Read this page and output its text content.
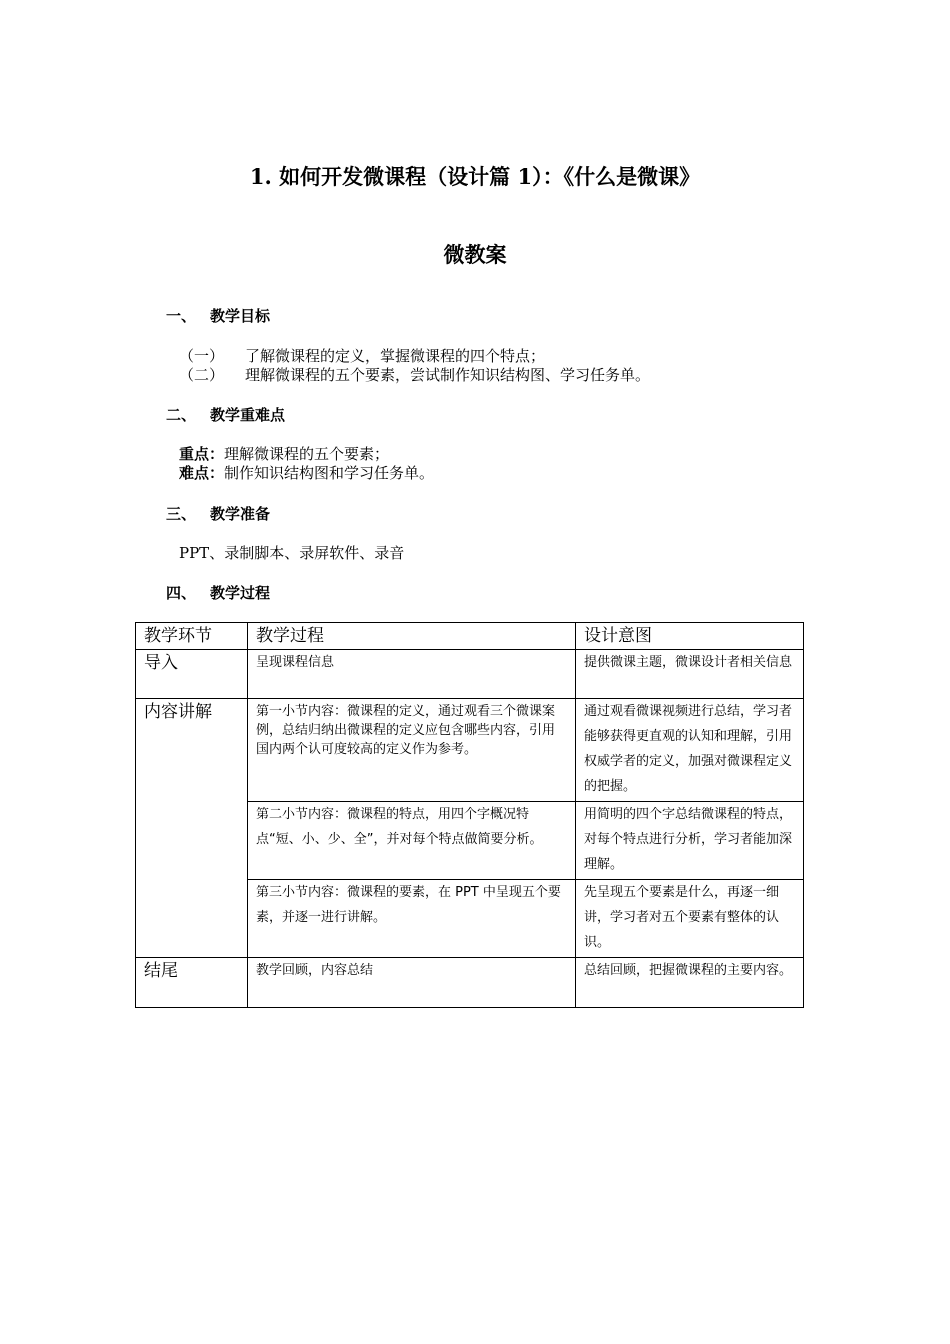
1. 如何开发微课程（设计篇 1）：《什么是微课》
微教案
一、 教学目标
（一） 了解微课程的定义，掌握微课程的四个特点；
（二） 理解微课程的五个要素，尝试制作知识结构图、学习任务单。
二、 教学重难点
重点：理解微课程的五个要素；
难点：制作知识结构图和学习任务单。
三、 教学准备
PPT、录制脚本、录屏软件、录音
四、 教学过程
教学环节	教学过程	设计意图
导入	呈现课程信息	提供微课主题，微课设计者相关信息
内容讲解	第一小节内容：微课程的定义，通过观看三个微课案例，总结归纳出微课程的定义应包含哪些内容，引用国内两个认可度较高的定义作为参考。	通过观看微课视频进行总结，学习者能够获得更直观的认知和理解，引用权威学者的定义，加强对微课程定义的把握。
	第二小节内容：微课程的特点，用四个字概况特点“短、小、少、全”，并对每个特点做简要分析。	用简明的四个字总结微课程的特点，对每个特点进行分析，学习者能加深理解。
	第三小节内容：微课程的要素，在 PPT 中呈现五个要素，并逐一进行讲解。	先呈现五个要素是什么，再逐一细讲，学习者对五个要素有整体的认识。
结尾	教学回顾，内容总结	总结回顾，把握微课程的主要内容。
